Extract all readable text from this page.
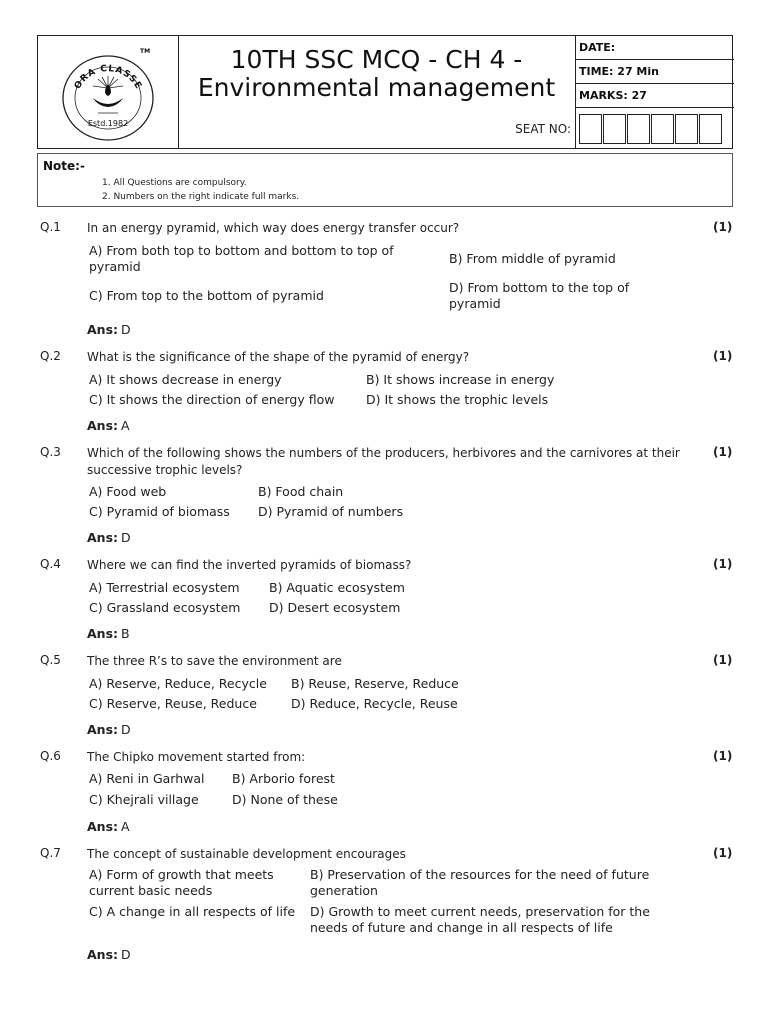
ORA CLASSE
TM
Estd.1982
10TH SSC MCQ - CH 4 -
Environmental management
SEAT NO:
DATE:
TIME: 27 Min
MARKS: 27
Note:-
1. All Questions are compulsory.
2. Numbers on the right indicate full marks.
Q.1 In an energy pyramid, which way does energy transfer occur?	(1)
A) From both top to bottom and bottom to top of pyramid
B) From middle of pyramid
C) From top to the bottom of pyramid
D) From bottom to the top of pyramid
Ans: D
Q.2 What is the significance of the shape of the pyramid of energy?	(1)
A) It shows decrease in energy	B) It shows increase in energy
C) It shows the direction of energy flow	D) It shows the trophic levels
Ans: A
Q.3 Which of the following shows the numbers of the producers, herbivores and the carnivores at their successive trophic levels?
(1)
A) Food web	B) Food chain
C) Pyramid of biomass D) Pyramid of numbers
Ans: D
Q.4 Where we can find the inverted pyramids of biomass?	(1)
A) Terrestrial ecosystem B) Aquatic ecosystem
C) Grassland ecosystem D) Desert ecosystem
Ans: B
Q.5 The three R’s to save the environment are	(1)
A) Reserve, Reduce, Recycle B) Reuse, Reserve, Reduce
C) Reserve, Reuse, Reduce	D) Reduce, Recycle, Reuse
Ans: D
Q.6 The Chipko movement started from:	(1)
A) Reni in Garhwal B) Arborio forest
C) Khejrali village	D) None of these
Ans: A
Q.7 The concept of sustainable development encourages	(1)
A) Form of growth that meets current basic needs
B) Preservation of the resources for the need of future generation
C) A change in all respects of life	D) Growth to meet current needs, preservation for the needs of future and change in all respects of life
Ans: D
